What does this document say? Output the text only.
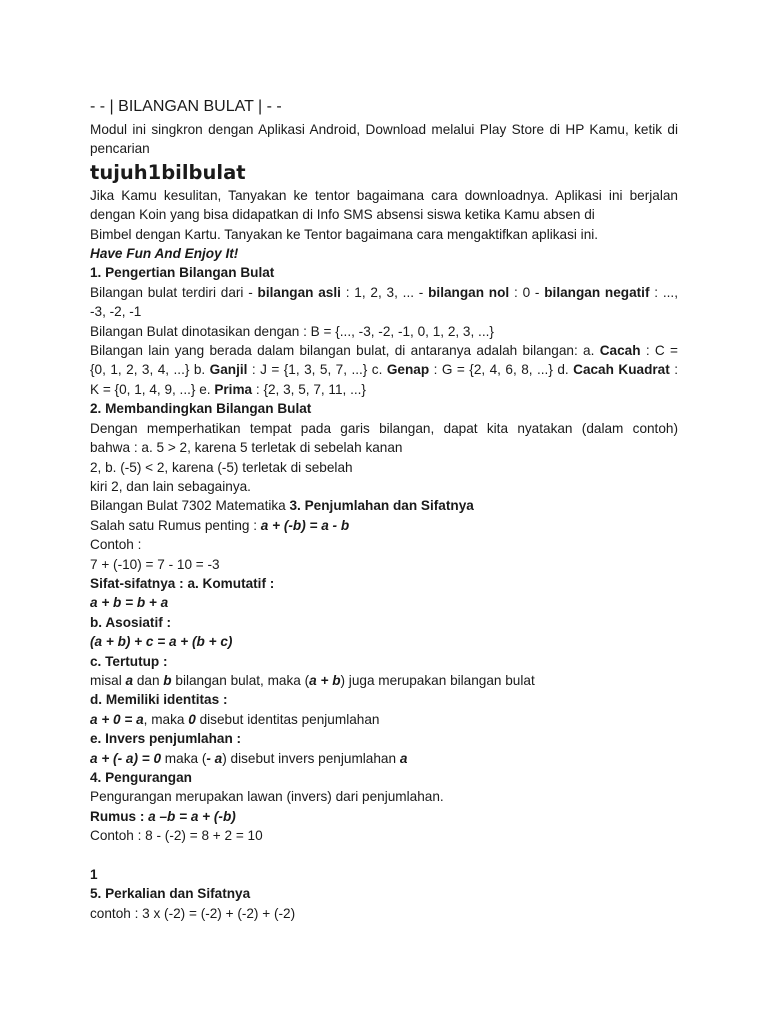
- - | BILANGAN BULAT | - -
Modul ini singkron dengan Aplikasi Android, Download melalui Play Store di HP Kamu, ketik di
pencarian
tujuh1bilbulat
Jika Kamu kesulitan, Tanyakan ke tentor bagaimana cara downloadnya. Aplikasi ini berjalan
dengan Koin yang bisa didapatkan di Info SMS absensi siswa ketika Kamu absen di
Bimbel dengan Kartu. Tanyakan ke Tentor bagaimana cara mengaktifkan aplikasi ini.
Have Fun And Enjoy It!
1. Pengertian Bilangan Bulat
Bilangan bulat terdiri dari - bilangan asli : 1, 2, 3, ... - bilangan nol : 0 - bilangan negatif : ...,
-3, -2, -1
Bilangan Bulat dinotasikan dengan : B = {..., -3, -2, -1, 0, 1, 2, 3, ...}
Bilangan lain yang berada dalam bilangan bulat, di antaranya adalah bilangan: a. Cacah : C =
{0, 1, 2, 3, 4, ...} b. Ganjil : J = {1, 3, 5, 7, ...} c. Genap : G = {2, 4, 6, 8, ...} d. Cacah Kuadrat :
K = {0, 1, 4, 9, ...} e. Prima : {2, 3, 5, 7, 11, ...}
2. Membandingkan Bilangan Bulat
Dengan memperhatikan tempat pada garis bilangan, dapat kita nyatakan (dalam contoh)
bahwa : a. 5 > 2, karena 5 terletak di sebelah kanan
2, b. (-5) < 2, karena (-5) terletak di sebelah
kiri 2, dan lain sebagainya.
Bilangan Bulat 7302 Matematika 3. Penjumlahan dan Sifatnya
Salah satu Rumus penting : a + (-b) = a - b
Contoh :
7 + (-10) = 7 - 10 = -3
Sifat-sifatnya : a. Komutatif :
a + b = b + a
b. Asosiatif :
(a + b) + c = a + (b + c)
c. Tertutup :
misal a dan b bilangan bulat, maka (a + b) juga merupakan bilangan bulat
d. Memiliki identitas :
a + 0 = a, maka 0 disebut identitas penjumlahan
e. Invers penjumlahan :
a + (- a) = 0 maka (- a) disebut invers penjumlahan a
4. Pengurangan
Pengurangan merupakan lawan (invers) dari penjumlahan.
Rumus : a –b = a + (-b)
Contoh : 8 - (-2) = 8 + 2 = 10
1
5. Perkalian dan Sifatnya
contoh : 3 x (-2) = (-2) + (-2) + (-2)
